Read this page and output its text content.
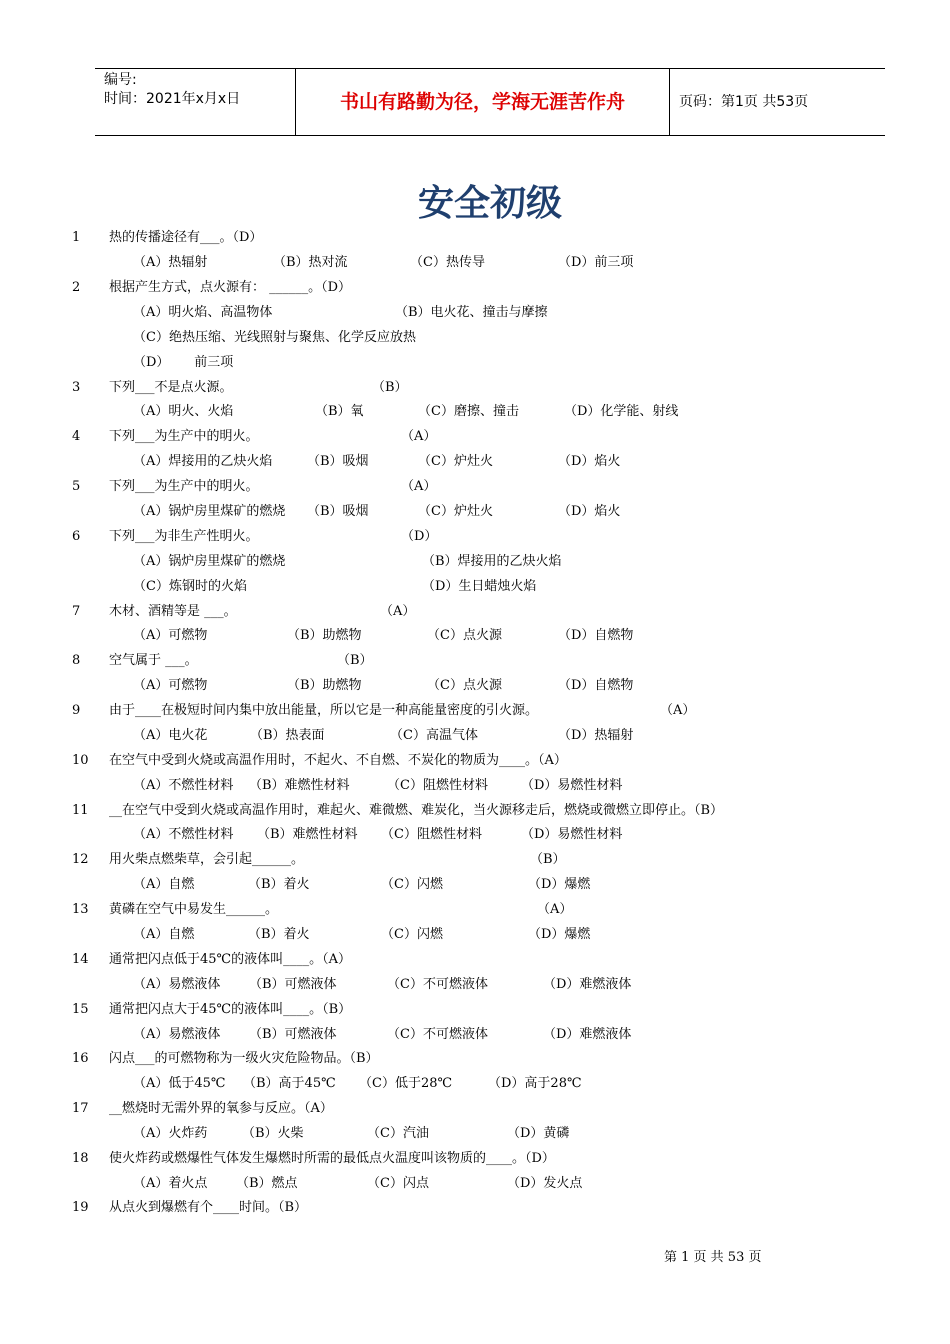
编号:
时间：2021年x月x日	书山有路勤为径，学海无涯苦作舟	页码：第1页 共53页
安全初级
1 热的传播途径有___。（D）
（A）热辐射	（B）热对流	（C）热传导	（D）前三项
2 根据产生方式，点火源有： ______。（D）
（A）明火焰、高温物体	（B）电火花、撞击与摩擦
（C）绝热压缩、光线照射与聚焦、化学反应放热
（D）      前三项
3 下列___不是点火源。	（B）
（A）明火、火焰	（B）氧	（C）磨擦、撞击	（D）化学能、射线
4 下列___为生产中的明火。	（A）
（A）焊接用的乙炔火焰	（B）吸烟	（C）炉灶火	（D）焰火
5 下列___为生产中的明火。	（A）
（A）锅炉房里煤矿的燃烧 （B）吸烟	（C）炉灶火	（D）焰火
6 下列___为非生产性明火。	（D）
（A）锅炉房里煤矿的燃烧	（B）焊接用的乙炔火焰
（C）炼钢时的火焰	（D）生日蜡烛火焰
7 木材、酒精等是 ___。	（A）
（A）可燃物	（B）助燃物	（C）点火源	（D）自燃物
8 空气属于 ___。	（B）
（A）可燃物	（B）助燃物	（C）点火源	（D）自燃物
9 由于____在极短时间内集中放出能量，所以它是一种高能量密度的引火源。	（A）
（A）电火花	（B）热表面	（C）高温气体	（D）热辐射
10 在空气中受到火烧或高温作用时，不起火、不自燃、不炭化的物质为____。（A）
（A）不燃性材料 （B）难燃性材料	（C）阻燃性材料	（D）易燃性材料
11 __在空气中受到火烧或高温作用时，难起火、难微燃、难炭化，当火源移走后，燃烧或微燃立即停止。（B）
（A）不燃性材料 （B）难燃性材料 （C）阻燃性材料	（D）易燃性材料
12 用火柴点燃柴草，会引起______。	（B）
（A）自燃	（B）着火	（C）闪燃	（D）爆燃
13 黄磷在空气中易发生______。	（A）
（A）自燃	（B）着火	（C）闪燃	（D）爆燃
14 通常把闪点低于45℃的液体叫____。（A）
（A）易燃液体 （B）可燃液体	（C）不可燃液体	（D）难燃液体
15 通常把闪点大于45℃的液体叫____。（B）
（A）易燃液体 （B）可燃液体	（C）不可燃液体	（D）难燃液体
16 闪点___的可燃物称为一级火灾危险物品。（B）
（A）低于45℃ （B）高于45℃ （C）低于28℃	（D）高于28℃
17 __燃烧时无需外界的氧参与反应。（A）
（A）火炸药	（B）火柴	（C）汽油	（D）黄磷
18 使火炸药或燃爆性气体发生爆燃时所需的最低点火温度叫该物质的____。（D）
（A）着火点 （B）燃点	（C）闪点	（D）发火点
19 从点火到爆燃有个____时间。（B）
第 1 页 共 53 页
